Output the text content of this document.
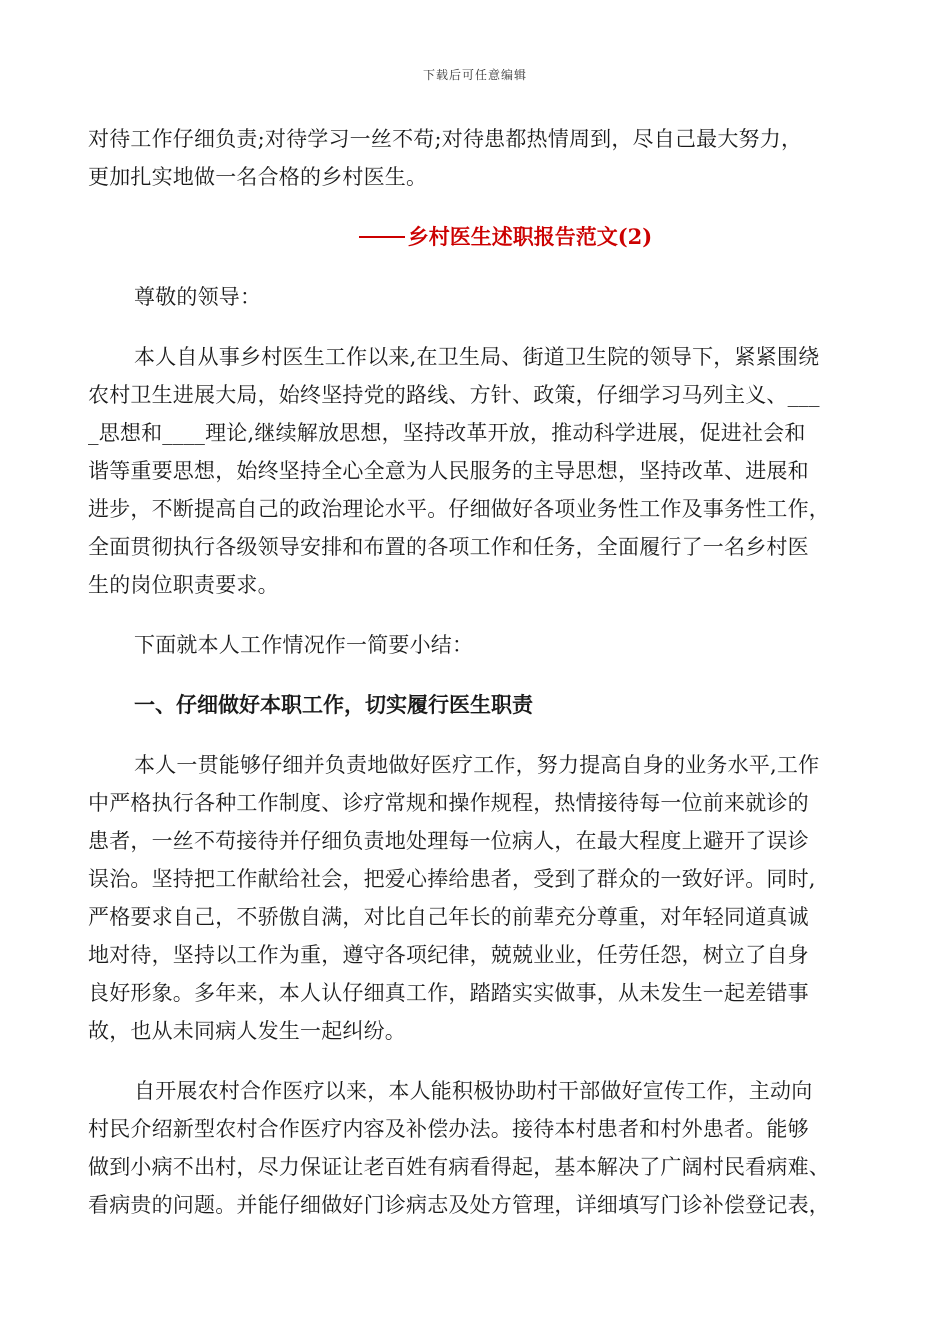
下载后可任意编辑
对待工作仔细负责;对待学习一丝不苟;对待患都热情周到，尽自己最大努力，
更加扎实地做一名合格的乡村医生。
乡村医生述职报告范文(2)
尊敬的领导：
本人自从事乡村医生工作以来,在卫生局、街道卫生院的领导下，紧紧围绕
农村卫生进展大局，始终坚持党的路线、方针、政策，仔细学习马列主义、___
_思想和____理论,继续解放思想，坚持改革开放，推动科学进展，促进社会和
谐等重要思想，始终坚持全心全意为人民服务的主导思想，坚持改革、进展和
进步，不断提高自己的政治理论水平。仔细做好各项业务性工作及事务性工作，
全面贯彻执行各级领导安排和布置的各项工作和任务，全面履行了一名乡村医
生的岗位职责要求。
下面就本人工作情况作一简要小结：
一、仔细做好本职工作，切实履行医生职责
本人一贯能够仔细并负责地做好医疗工作，努力提高自身的业务水平,工作
中严格执行各种工作制度、诊疗常规和操作规程，热情接待每一位前来就诊的
患者，一丝不苟接待并仔细负责地处理每一位病人，在最大程度上避开了误诊
误治。坚持把工作献给社会，把爱心捧给患者，受到了群众的一致好评。同时,
严格要求自己，不骄傲自满，对比自己年长的前辈充分尊重，对年轻同道真诚
地对待，坚持以工作为重，遵守各项纪律，兢兢业业，任劳任怨，树立了自身
良好形象。多年来，本人认仔细真工作，踏踏实实做事，从未发生一起差错事
故，也从未同病人发生一起纠纷。
自开展农村合作医疗以来，本人能积极协助村干部做好宣传工作，主动向
村民介绍新型农村合作医疗内容及补偿办法。接待本村患者和村外患者。能够
做到小病不出村，尽力保证让老百姓有病看得起，基本解决了广阔村民看病难、
看病贵的问题。并能仔细做好门诊病志及处方管理，详细填写门诊补偿登记表，
